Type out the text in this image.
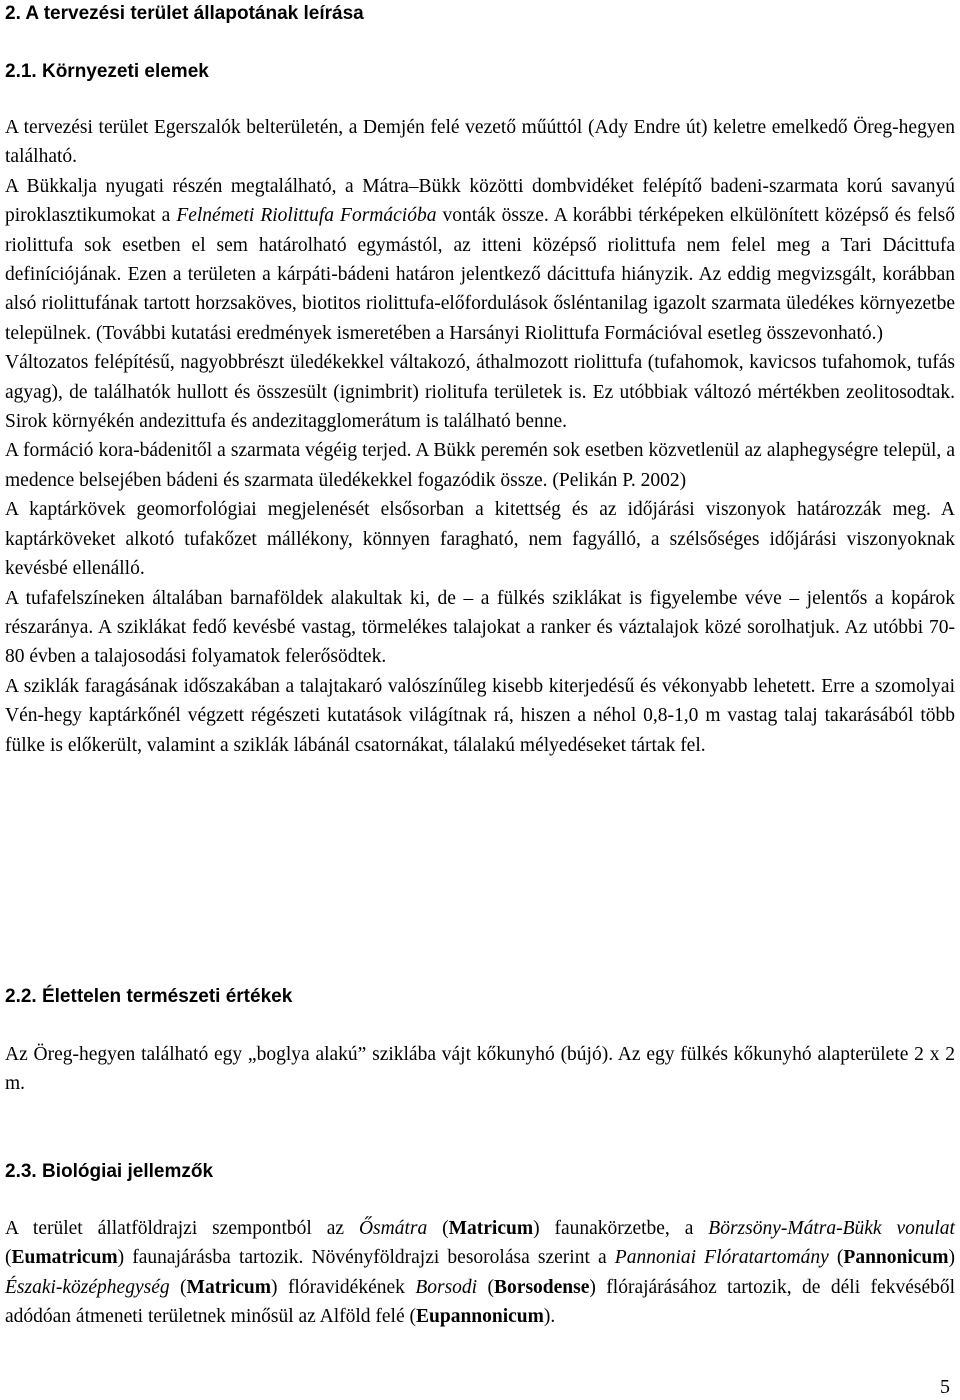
2. A tervezési terület állapotának leírása
2.1. Környezeti elemek

A tervezési terület Egerszalók belterületén, a Demjén felé vezető műúttól (Ady Endre út) keletre emelkedő Öreg-hegyen található.

A Bükkalja nyugati részén megtalálható, a Mátra–Bükk közötti dombvidéket felépítő badeni-szarmata korú savanyú piroklasztikumokat a Felnémeti Riolittufa Formációba vonták össze. A korábbi térképeken elkülönített középső és felső riolittufa sok esetben el sem határolható egymástól, az itteni középső riolittufa nem felel meg a Tari Dácittufa definíciójának. Ezen a területen a kárpáti-bádeni határon jelentkező dácittufa hiányzik. Az eddig megvizsgált, korábban alsó riolittufának tartott horzsaköves, biotitos riolittufa-előfordulások ősléntanilag igazolt szarmata üledékes környezetbe települnek. (További kutatási eredmények ismeretében a Harsányi Riolittufa Formációval esetleg összevonható.)

Változatos felépítésű, nagyobbrészt üledékekkel váltakozó, áthalmozott riolittufa (tufahomok, kavicsos tufahomok, tufás agyag), de találhatók hullott és összesült (ignimbrit) riolitufa területek is. Ez utóbbiak változó mértékben zeolitosodtak. Sirok környékén andezittufa és andezitagglomerátum is található benne.

A formáció kora-bádenitől a szarmata végéig terjed. A Bükk peremén sok esetben közvetlenül az alaphegységre települ, a medence belsejében bádeni és szarmata üledékekkel fogazódik össze. (Pelikán P. 2002)

A kaptárkövek geomorfológiai megjelenését elsősorban a kitettség és az időjárási viszonyok határozzák meg. A kaptárköveket alkotó tufakőzet mállékony, könnyen faragható, nem fagyálló, a szélsőséges időjárási viszonyoknak kevésbé ellenálló.

A tufafelszíneken általában barnaföldek alakultak ki, de – a fülkés sziklákat is figyelembe véve – jelentős a kopárok részaránya. A sziklákat fedő kevésbé vastag, törmelékes talajokat a ranker és váztalajok közé sorolhatjuk. Az utóbbi 70-80 évben a talajosodási folyamatok felerősödtek.

A sziklák faragásának időszakában a talajtakaró valószínűleg kisebb kiterjedésű és vékonyabb lehetett. Erre a szomolyai Vén-hegy kaptárkőnél végzett régészeti kutatások világítnak rá, hiszen a néhol 0,8-1,0 m vastag talaj takarásából több fülke is előkerült, valamint a sziklák lábánál csatornákat, tálalakú mélyedéseket tártak fel.

2.2. Élettelen természeti értékek

Az Öreg-hegyen található egy „boglya alakú” sziklába vájt kőkunyhó (bújó). Az egy fülkés kőkunyhó alapterülete 2 x 2 m.

2.3. Biológiai jellemzők

A terület állatföldrajzi szempontból az Ősmátra (Matricum) faunakörzetbe, a Börzsöny-Mátra-Bükk vonulat (Eumatricum) faunajárásba tartozik. Növényföldrajzi besorolása szerint a Pannoniai Flóratartomány (Pannonicum) Északi-középhegység (Matricum) flóravidékének Borsodi (Borsodense) flórajárásához tartozik, de déli fekvéséből adódóan átmeneti területnek minősül az Alföld felé (Eupannonicum).

5
